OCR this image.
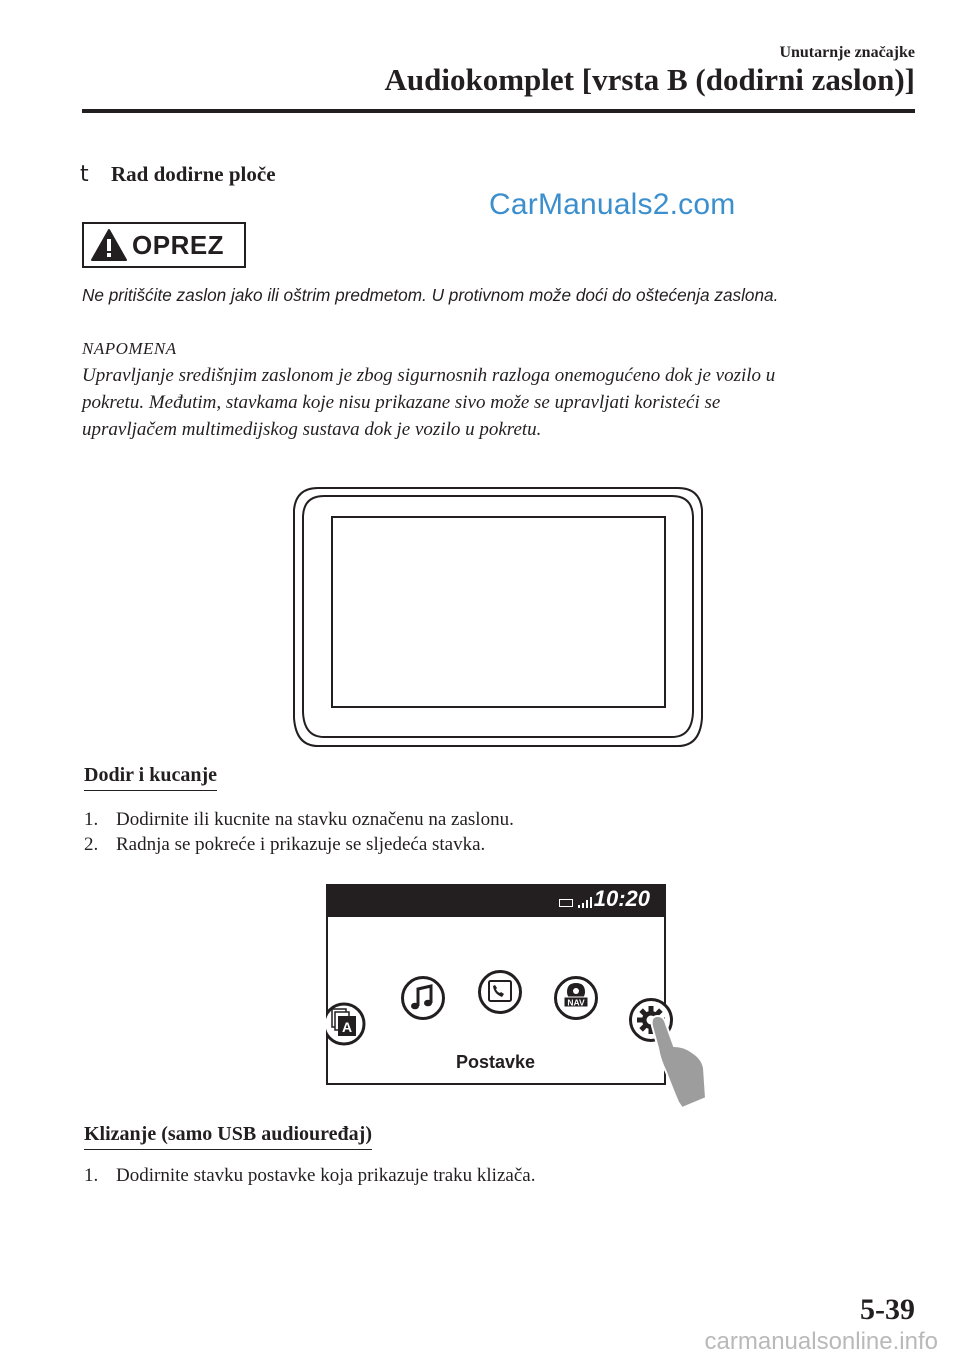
Unutarnje značajke
Audiokomplet [vrsta B (dodirni zaslon)]
t Rad dodirne ploče
CarManuals2.com
OPREZ
Ne pritišćite zaslon jako ili oštrim predmetom. U protivnom može doći do oštećenja zaslona.
NAPOMENA
Upravljanje središnjim zaslonom je zbog sigurnosnih razloga onemogućeno dok je vozilo u
pokretu. Međutim, stavkama koje nisu prikazane sivo može se upravljati koristeći se
upravljačem multimedijskog sustava dok je vozilo u pokretu.
Dodir i kucanje
1. Dodirnite ili kucnite na stavku označenu na zaslonu.
2. Radnja se pokreće i prikazuje se sljedeća stavka.
10:20
A
NAV
Postavke
Klizanje (samo USB audiouređaj)
1. Dodirnite stavku postavke koja prikazuje traku klizača.
5-39
carmanualsonline.info
